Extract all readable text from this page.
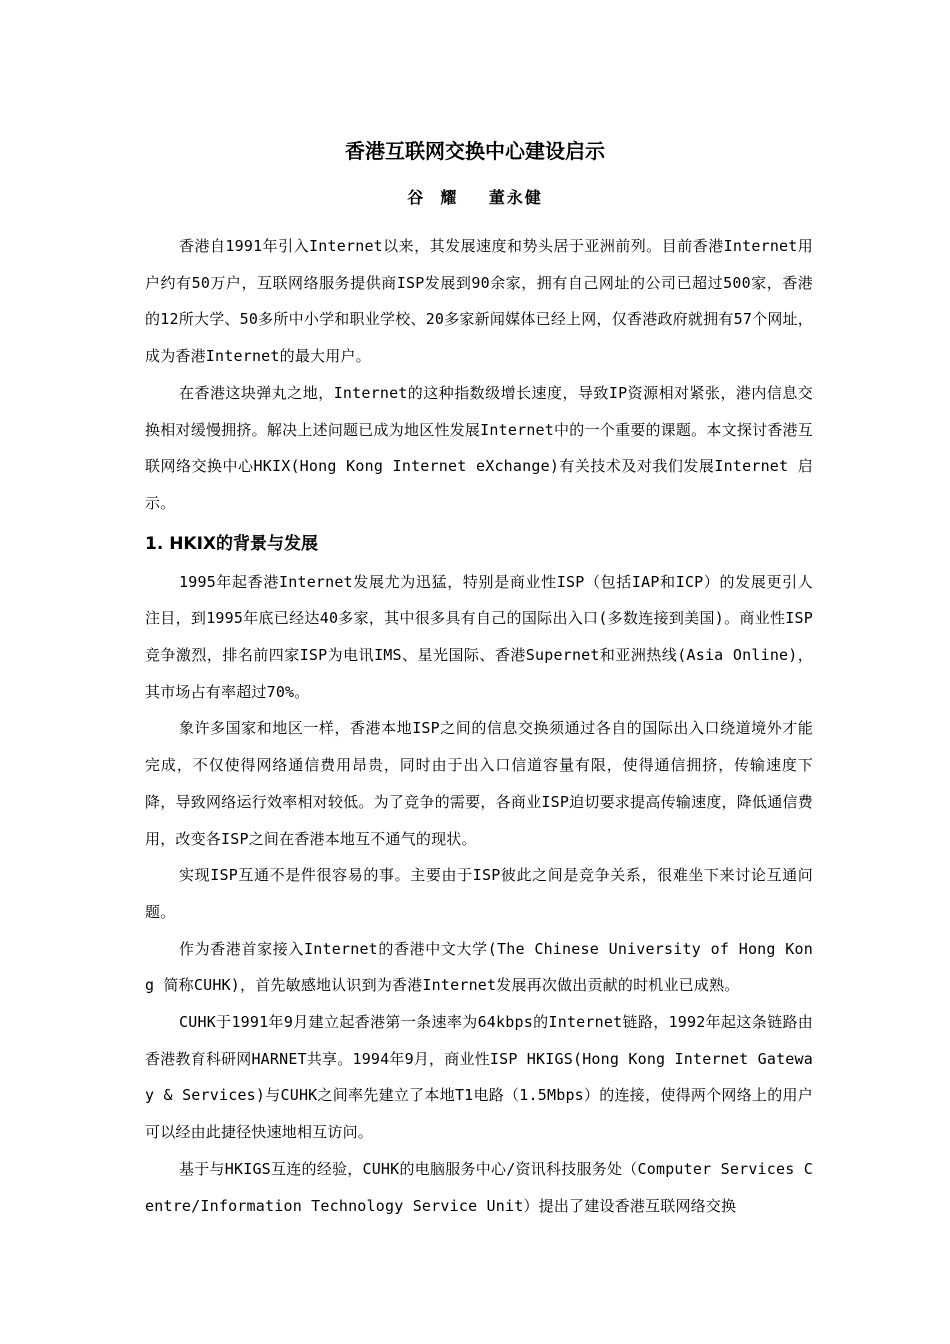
香港互联网交换中心建设启示
谷  耀    董永健

香港自1991年引入Internet以来，其发展速度和势头居于亚洲前列。目前香港Internet用户约有50万户，互联网络服务提供商ISP发展到90余家，拥有自己网址的公司已超过500家，香港的12所大学、50多所中小学和职业学校、20多家新闻媒体已经上网，仅香港政府就拥有57个网址，成为香港Internet的最大用户。

在香港这块弹丸之地，Internet的这种指数级增长速度，导致IP资源相对紧张，港内信息交换相对缓慢拥挤。解决上述问题已成为地区性发展Internet中的一个重要的课题。本文探讨香港互联网络交换中心HKIX(Hong Kong Internet eXchange)有关技术及对我们发展Internet 启示。

1. HKIX的背景与发展

1995年起香港Internet发展尤为迅猛，特别是商业性ISP（包括IAP和ICP）的发展更引人注目，到1995年底已经达40多家，其中很多具有自己的国际出入口(多数连接到美国)。商业性ISP竞争激烈，排名前四家ISP为电讯IMS、星光国际、香港Supernet和亚洲热线(Asia Online)，其市场占有率超过70%。

象许多国家和地区一样，香港本地ISP之间的信息交换须通过各自的国际出入口绕道境外才能完成，不仅使得网络通信费用昂贵，同时由于出入口信道容量有限，使得通信拥挤，传输速度下降，导致网络运行效率相对较低。为了竞争的需要，各商业ISP迫切要求提高传输速度，降低通信费用，改变各ISP之间在香港本地互不通气的现状。

实现ISP互通不是件很容易的事。主要由于ISP彼此之间是竞争关系，很难坐下来讨论互通问题。

作为香港首家接入Internet的香港中文大学(The Chinese University of Hong Kong 简称CUHK)，首先敏感地认识到为香港Internet发展再次做出贡献的时机业已成熟。

CUHK于1991年9月建立起香港第一条速率为64kbps的Internet链路，1992年起这条链路由香港教育科研网HARNET共享。1994年9月，商业性ISP HKIGS(Hong Kong Internet Gateway & Services)与CUHK之间率先建立了本地T1电路（1.5Mbps）的连接，使得两个网络上的用户可以经由此捷径快速地相互访问。

基于与HKIGS互连的经验，CUHK的电脑服务中心/资讯科技服务处（Computer Services Centre/Information Technology Service Unit）提出了建设香港互联网络交换
